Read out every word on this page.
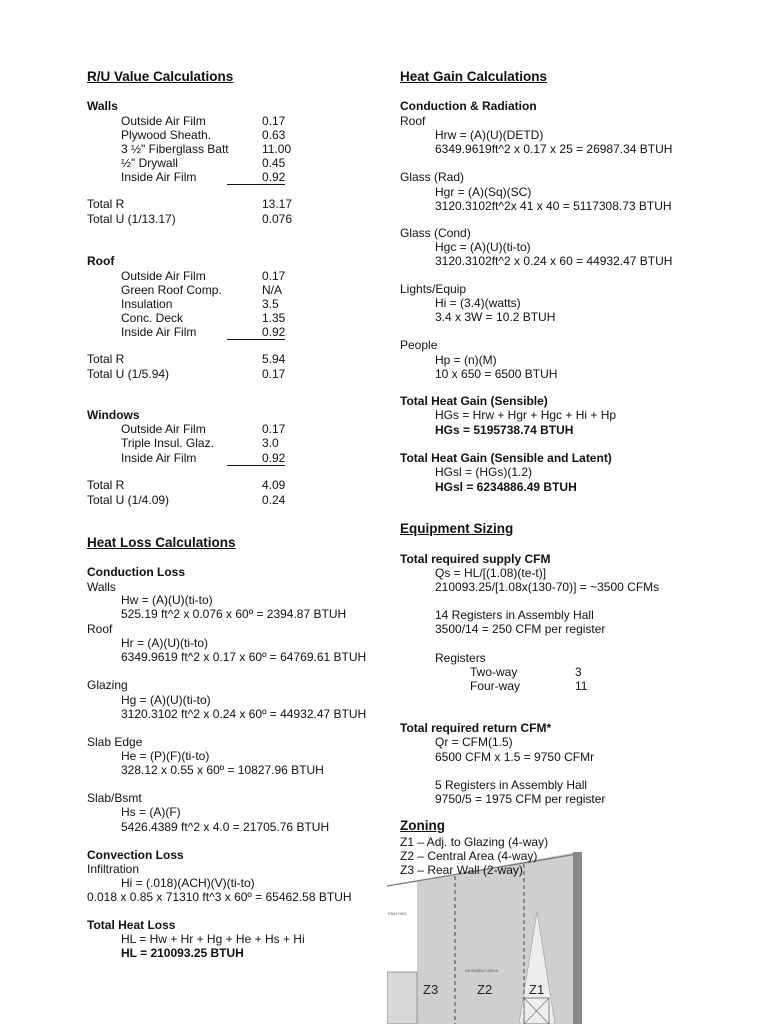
R/U Value Calculations
Walls
Outside Air Film	0.17
Plywood Sheath.	0.63
3 ½" Fiberglass Batt	11.00
½" Drywall	0.45
Inside Air Film	0.92
Total R	13.17
Total U (1/13.17)	0.076
Roof
Outside Air Film	0.17
Green Roof Comp.	N/A
Insulation	3.5
Conc. Deck	1.35
Inside Air Film	0.92
Total R	5.94
Total U (1/5.94)	0.17
Windows
Outside Air Film	0.17
Triple Insul. Glaz.	3.0
Inside Air Film	0.92
Total R	4.09
Total U (1/4.09)	0.24
Heat Loss Calculations
Conduction Loss
Walls
Hw = (A)(U)(ti-to)
525.19 ft^2 x 0.076 x 60º = 2394.87 BTUH
Roof
Hr = (A)(U)(ti-to)
6349.9619 ft^2 x 0.17 x 60º = 64769.61 BTUH
Glazing
Hg = (A)(U)(ti-to)
3120.3102 ft^2 x 0.24 x 60º = 44932.47 BTUH
Slab Edge
He = (P)(F)(ti-to)
328.12 x 0.55 x 60º = 10827.96 BTUH
Slab/Bsmt
Hs = (A)(F)
5426.4389 ft^2 x 4.0 = 21705.76 BTUH
Convection Loss
Infiltration
Hi = (.018)(ACH)(V)(ti-to)
0.018 x 0.85 x 71310 ft^3 x 60º = 65462.58 BTUH
Total Heat Loss
HL = Hw + Hr + Hg + He + Hs + Hi
HL = 210093.25 BTUH
Heat Gain Calculations
Conduction & Radiation
Roof
Hrw = (A)(U)(DETD)
6349.9619ft^2 x 0.17 x 25 = 26987.34 BTUH
Glass (Rad)
Hgr = (A)(Sq)(SC)
3120.3102ft^2x 41 x 40 = 5117308.73 BTUH
Glass (Cond)
Hgc = (A)(U)(ti-to)
3120.3102ft^2 x 0.24 x 60 = 44932.47 BTUH
Lights/Equip
Hi = (3.4)(watts)
3.4 x 3W = 10.2 BTUH
People
Hp = (n)(M)
10 x 650 = 6500 BTUH
Total Heat Gain (Sensible)
HGs = Hrw + Hgr + Hgc + Hi + Hp
HGs = 5195738.74 BTUH
Total Heat Gain (Sensible and Latent)
HGsl = (HGs)(1.2)
HGsl = 6234886.49 BTUH
Equipment Sizing
Total required supply CFM
Qs = HL/[(1.08)(te-t)]
210093.25/[1.08x(130-70)] = ~3500 CFMs
14 Registers in Assembly Hall
3500/14 = 250 CFM per register
Registers
Two-way	3
Four-way	11
Total required return CFM*
Qr = CFM(1.5)
6500 CFM x 1.5 = 9750 CFMr
5 Registers in Assembly Hall
9750/5 = 1975 CFM per register
Zoning
PAINTING
ASSEMBLY AREA
Z3	Z2	Z1
Z1 – Adj. to Glazing (4-way)
Z2 – Central Area (4-way)
Z3 – Rear Wall (2-way)
